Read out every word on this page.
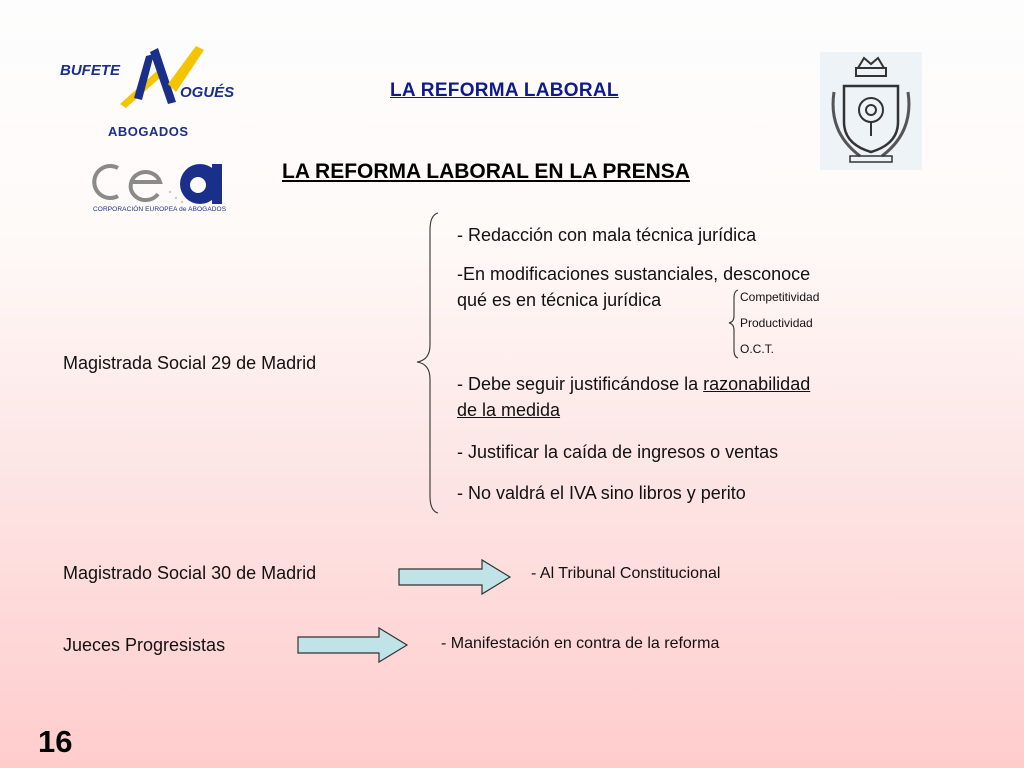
BUFETE
OGUÉS
ABOGADOS
CORPORACIÓN EUROPEA de ABOGADOS
LA REFORMA LABORAL
LA REFORMA LABORAL EN LA PRENSA
Magistrada Social 29 de Madrid
- Redacción con mala técnica jurídica
-En modificaciones sustanciales, desconoce
qué es en técnica jurídica	Competitividad
Productividad
O.C.T.
- Debe seguir justificándose la razonabilidad
de la medida
- Justificar la caída de ingresos o ventas
- No valdrá el IVA sino libros y perito
Magistrado Social 30 de Madrid	- Al Tribunal Constitucional
Jueces Progresistas	- Manifestación en contra de la reforma
16
